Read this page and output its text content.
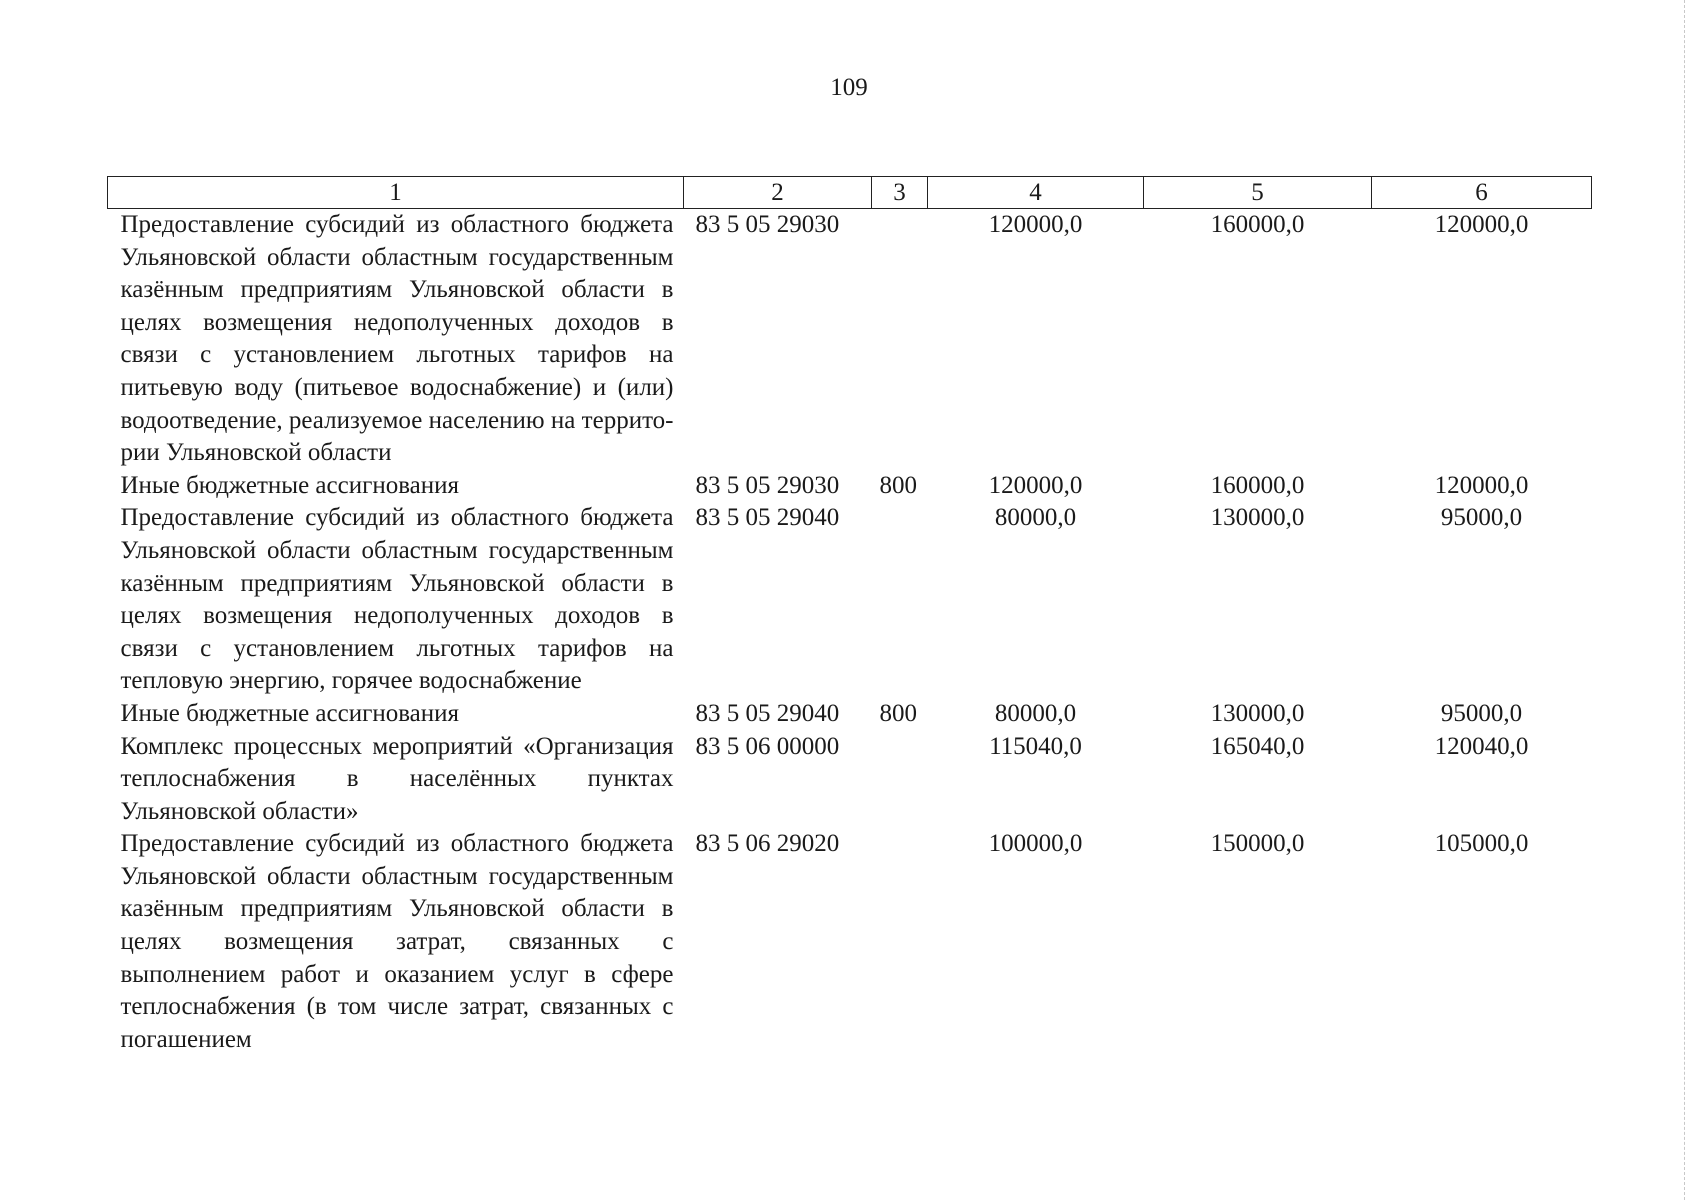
109
1	2	3	4	5	6
Предоставление субсидий из областного бюджета Ульяновской области областным государственным казённым предприятиям Ульяновской области в целях возмещения недополученных доходов в связи с установлением льготных тарифов на питьевую воду (питьевое водоснабжение) и (или) водоотведение, реализуемое населению на территории Ульяновской области	83 5 05 29030		120000,0	160000,0	120000,0
Иные бюджетные ассигнования	83 5 05 29030	800	120000,0	160000,0	120000,0
Предоставление субсидий из областного бюджета Ульяновской области областным государственным казённым предприятиям Ульяновской области в целях возмещения недополученных доходов в связи с установлением льготных тарифов на тепловую энергию, горячее водоснабжение	83 5 05 29040		80000,0	130000,0	95000,0
Иные бюджетные ассигнования	83 5 05 29040	800	80000,0	130000,0	95000,0
Комплекс процессных мероприятий «Организация теплоснабжения в населённых пунктах Ульяновской области»	83 5 06 00000		115040,0	165040,0	120040,0
Предоставление субсидий из областного бюджета Ульяновской области областным государственным казённым предприятиям Ульяновской области в целях возмещения затрат, связанных с выполнением работ и оказанием услуг в сфере теплоснабжения (в том числе затрат, связанных с погашением	83 5 06 29020		100000,0	150000,0	105000,0
